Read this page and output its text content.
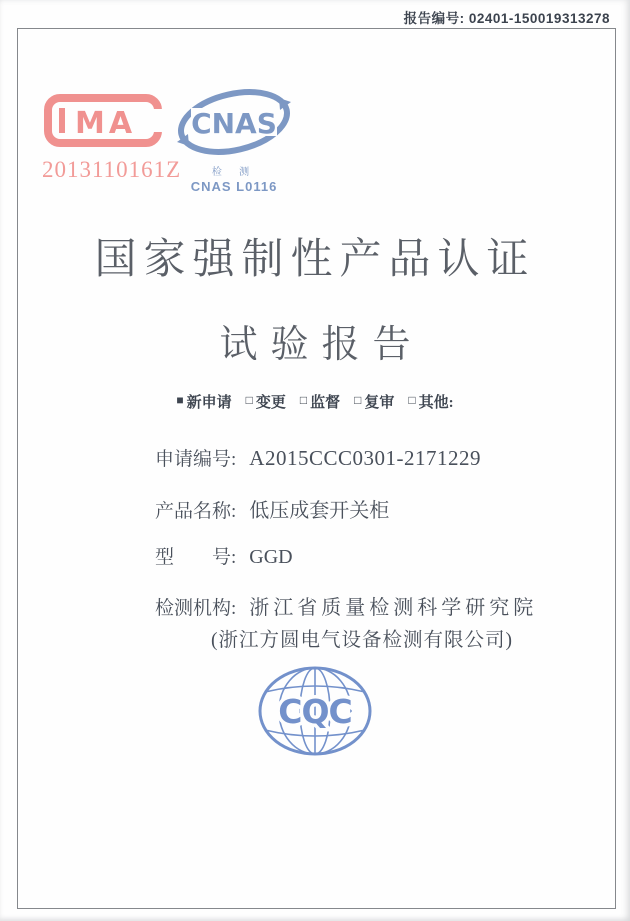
报告编号: 02401-150019313278
MA
2013110161Z
CNAS
检 测
CNAS L0116
国家强制性产品认证
试验报告
■ 新申请 □ 变更 □ 监督 □ 复审 □ 其他:
申请编号: A2015CCC0301-2171229
产品名称: 低压成套开关柜
型　　号: GGD
检测机构: 浙江省质量检测科学研究院
(浙江方圆电气设备检测有限公司)
CQC
